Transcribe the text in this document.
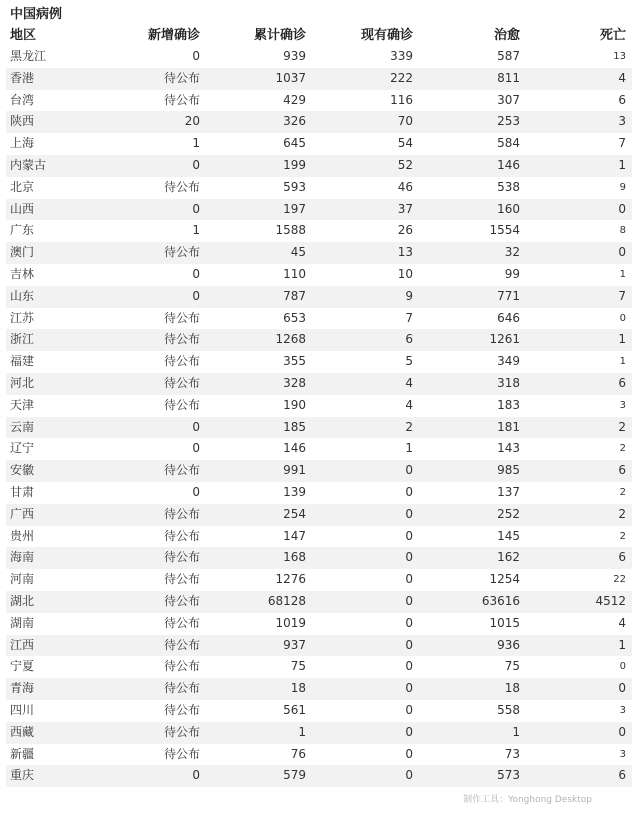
中国病例
地区	新增确诊	累计确诊	现有确诊	治愈	死亡
黑龙江	0	939	339	587	13
香港	待公布	1037	222	811	4
台湾	待公布	429	116	307	6
陕西	20	326	70	253	3
上海	1	645	54	584	7
内蒙古	0	199	52	146	1
北京	待公布	593	46	538	9
山西	0	197	37	160	0
广东	1	1588	26	1554	8
澳门	待公布	45	13	32	0
吉林	0	110	10	99	1
山东	0	787	9	771	7
江苏	待公布	653	7	646	0
浙江	待公布	1268	6	1261	1
福建	待公布	355	5	349	1
河北	待公布	328	4	318	6
天津	待公布	190	4	183	3
云南	0	185	2	181	2
辽宁	0	146	1	143	2
安徽	待公布	991	0	985	6
甘肃	0	139	0	137	2
广西	待公布	254	0	252	2
贵州	待公布	147	0	145	2
海南	待公布	168	0	162	6
河南	待公布	1276	0	1254	22
湖北	待公布	68128	0	63616	4512
湖南	待公布	1019	0	1015	4
江西	待公布	937	0	936	1
宁夏	待公布	75	0	75	0
青海	待公布	18	0	18	0
四川	待公布	561	0	558	3
西藏	待公布	1	0	1	0
新疆	待公布	76	0	73	3
重庆	0	579	0	573	6
制作工具：Yonghong Desktop
